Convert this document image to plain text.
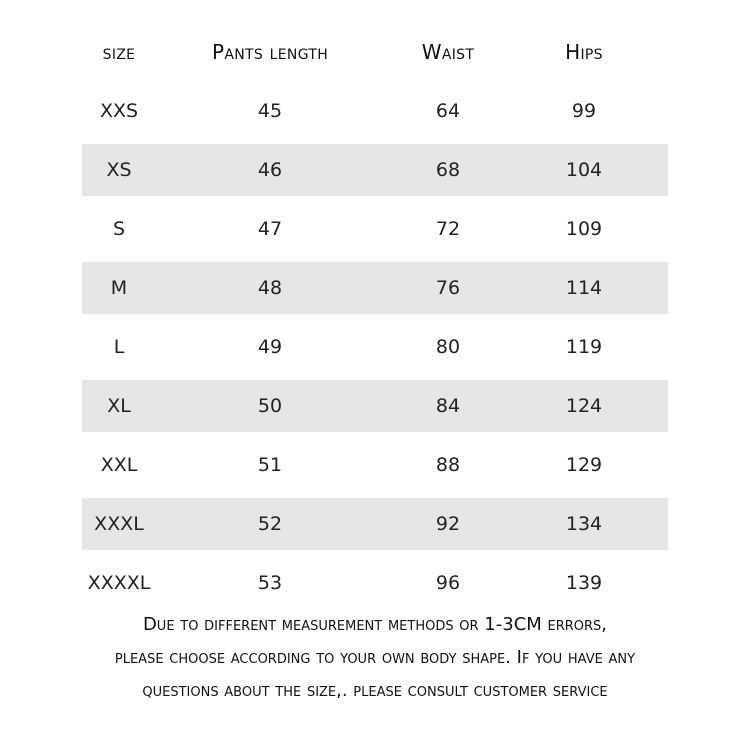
size	Pants length	Waist	Hips
XXS	45	64	99
XS	46	68	104
S	47	72	109
M	48	76	114
L	49	80	119
XL	50	84	124
XXL	51	88	129
XXXL	52	92	134
XXXXL	53	96	139
Due to different measurement methods or 1-3CM errors,
please choose according to your own body shape. If you have any
questions about the size,. please consult customer service
